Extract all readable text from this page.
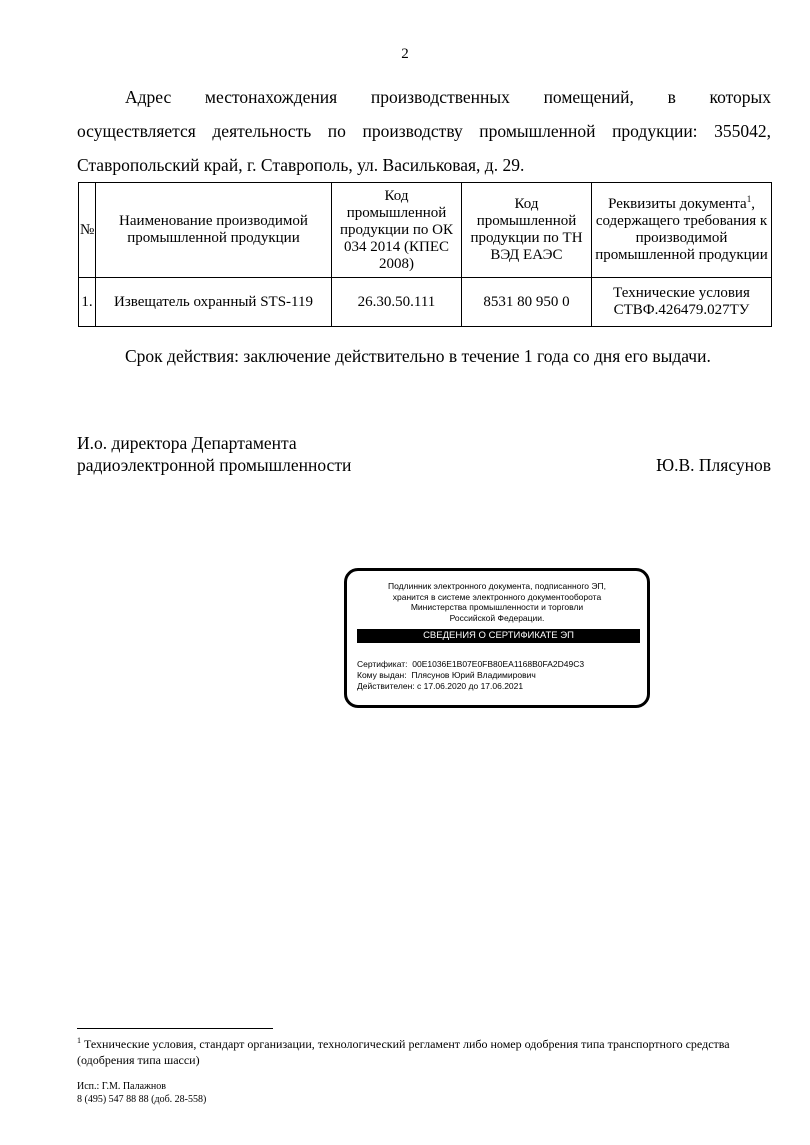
2
Адрес местонахождения производственных помещений, в которых
осуществляется деятельность по производству промышленной продукции: 355042,
Ставропольский край, г. Ставрополь, ул. Васильковая, д. 29.
№	Наименование производимой промышленной продукции	Код промышленной продукции по ОК 034 2014 (КПЕС 2008)	Код промышленной продукции по ТН ВЭД ЕАЭС	Реквизиты документа$^1$, содержащего требования к производимой промышленной продукции
1.	Извещатель охранный STS-119	26.30.50.111	8531 80 950 0	Технические условия СТВФ.426479.027ТУ
Срок действия: заключение действительно в течение 1 года со дня его выдачи.
И.о. директора Департамента
радиоэлектронной промышленности	Ю.В. Плясунов
Подлинник электронного документа, подписанного ЭП,
хранится в системе электронного документооборота
Министерства промышленности и торговли
Российской Федерации.
СВЕДЕНИЯ О СЕРТИФИКАТЕ ЭП
Сертификат: 00E1036E1B07E0FB80EA1168B0FA2D49C3
Кому выдан: Плясунов Юрий Владимирович
Действителен: с 17.06.2020 до 17.06.2021
$^1$ Технические условия, стандарт организации, технологический регламент либо номер одобрения типа транспортного средства (одобрения типа шасси)
Исп.: Г.М. Палажнов
8 (495) 547 88 88 (доб. 28-558)
